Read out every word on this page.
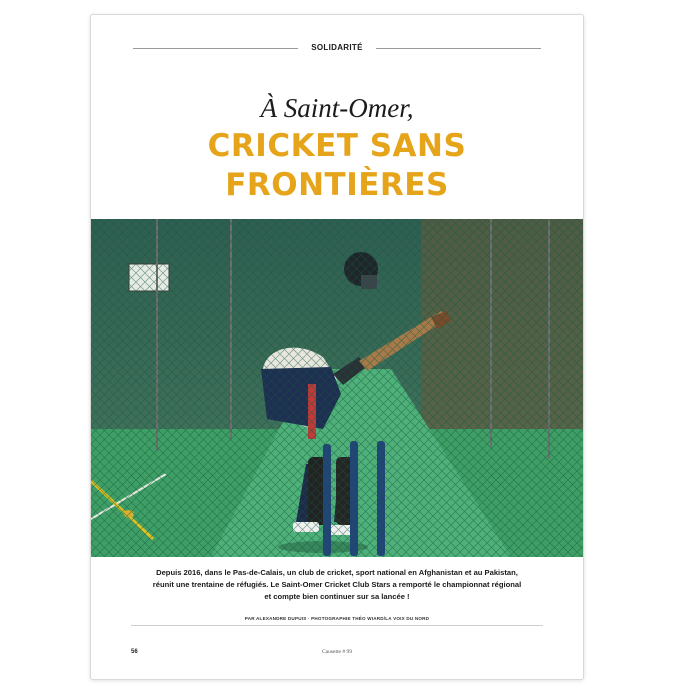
SOLIDARITÉ
À Saint-Omer,
CRICKET SANS
FRONTIÈRES
Depuis 2016, dans le Pas-de-Calais, un club de cricket, sport national en Afghanistan et au Pakistan,
réunit une trentaine de réfugiés. Le Saint-Omer Cricket Club Stars a remporté le championnat régional
et compte bien continuer sur sa lancée !
PAR ALEXANDRE DUPUIS · PHOTOGRAPHIE THÉO WIARD/LA VOIX DU NORD
56	Causette # 99
